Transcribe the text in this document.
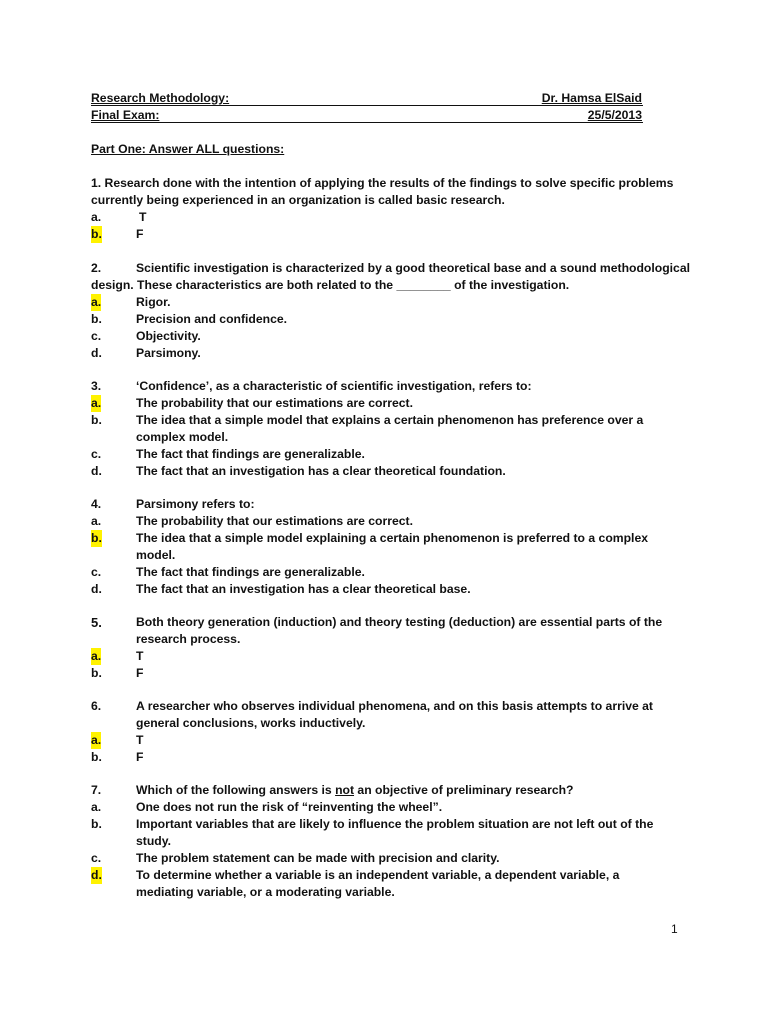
Research Methodology:	Dr. Hamsa ElSaid
Final Exam:	25/5/2013
Part One: Answer ALL questions:
1. Research done with the intention of applying the results of the findings to solve specific problems
currently being experienced in an organization is called basic research.
a.	T
b.	F
2.	Scientific investigation is characterized by a good theoretical base and a sound methodological
design. These characteristics are both related to the ________ of the investigation.
a.	Rigor.
b.	Precision and confidence.
c.	Objectivity.
d.	Parsimony.
3.	‘Confidence’, as a characteristic of scientific investigation, refers to:
a.	The probability that our estimations are correct.
b.	The idea that a simple model that explains a certain phenomenon has preference over a
complex model.
c.	The fact that findings are generalizable.
d.	The fact that an investigation has a clear theoretical foundation.
4.	Parsimony refers to:
a.	The probability that our estimations are correct.
b.	The idea that a simple model explaining a certain phenomenon is preferred to a complex
model.
c.	The fact that findings are generalizable.
d.	The fact that an investigation has a clear theoretical base.
5.	Both theory generation (induction) and theory testing (deduction) are essential parts of the
research process.
a.	T
b.	F
6.	A researcher who observes individual phenomena, and on this basis attempts to arrive at
general conclusions, works inductively.
a.	T
b.	F
7.	Which of the following answers is not an objective of preliminary research?
a.	One does not run the risk of “reinventing the wheel”.
b.	Important variables that are likely to influence the problem situation are not left out of the
study.
c.	The problem statement can be made with precision and clarity.
d.	To determine whether a variable is an independent variable, a dependent variable, a
mediating variable, or a moderating variable.
1
